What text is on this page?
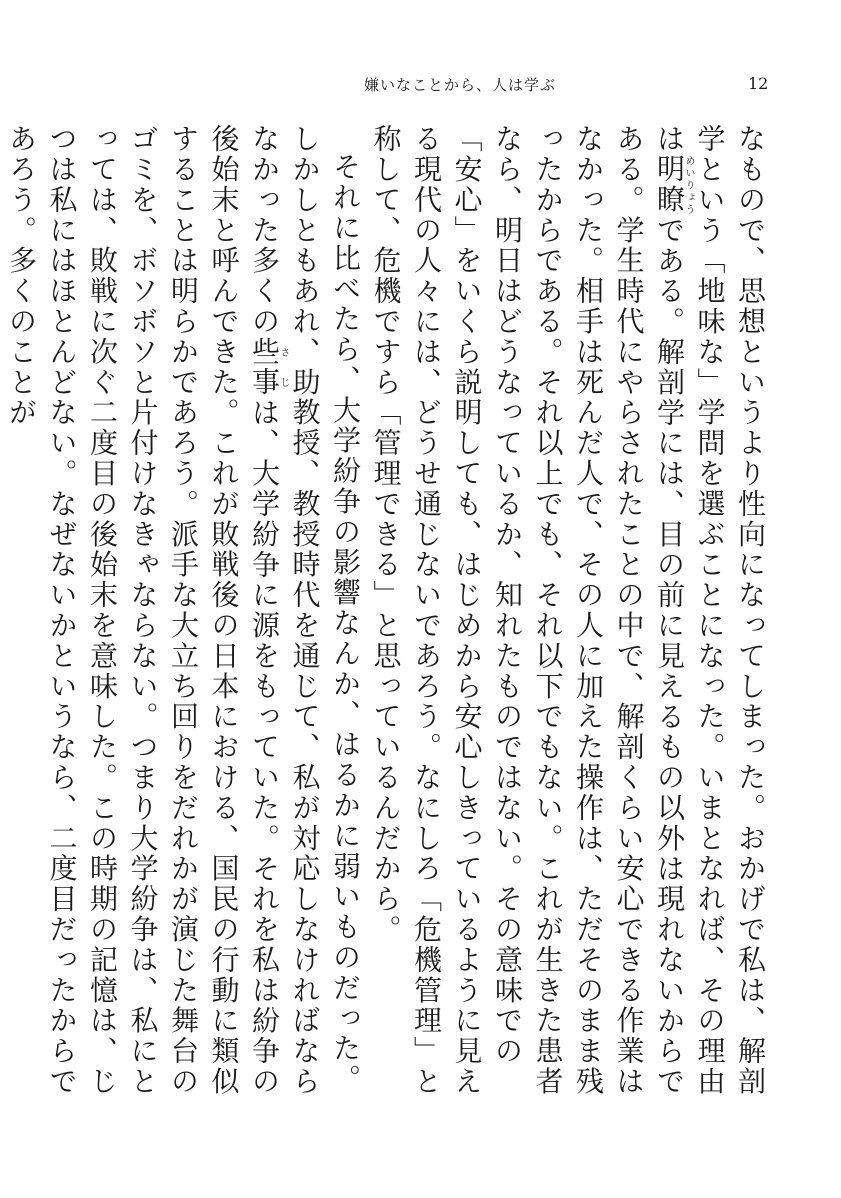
嫌いなことから、人は学ぶ	12

なもので、思想というより性向になってしまった。おかげで私は、解剖学という「地味な」学問を選ぶことになった。いまとなれば、その理由は明瞭めいりょうである。解剖学には、目の前に見えるもの以外は現れないからである。学生時代にやらされたことの中で、解剖くらい安心できる作業はなかった。相手は死んだ人で、その人に加えた操作は、ただそのまま残ったからである。それ以上でも、それ以下でもない。これが生きた患者なら、明日はどうなっているか、知れたものではない。その意味での「安心」をいくら説明しても、はじめから安心しきっているように見える現代の人々には、どうせ通じないであろう。なにしろ「危機管理」と称して、危機ですら「管理できる」と思っているんだから。

それに比べたら、大学紛争の影響なんか、はるかに弱いものだった。しかしともあれ、助教授、教授時代を通じて、私が対応しなければならなかった多くの些さ事じは、大学紛争に源をもっていた。それを私は紛争の後始末と呼んできた。これが敗戦後の日本における、国民の行動に類似することは明らかであろう。派手な大立ち回りをだれかが演じた舞台のゴミを、ボソボソと片付けなきゃならない。つまり大学紛争は、私にとっては、敗戦に次ぐ二度目の後始末を意味した。この時期の記憶は、じつは私にはほとんどない。なぜないかというなら、二度目だったからであろう。多くのことが
